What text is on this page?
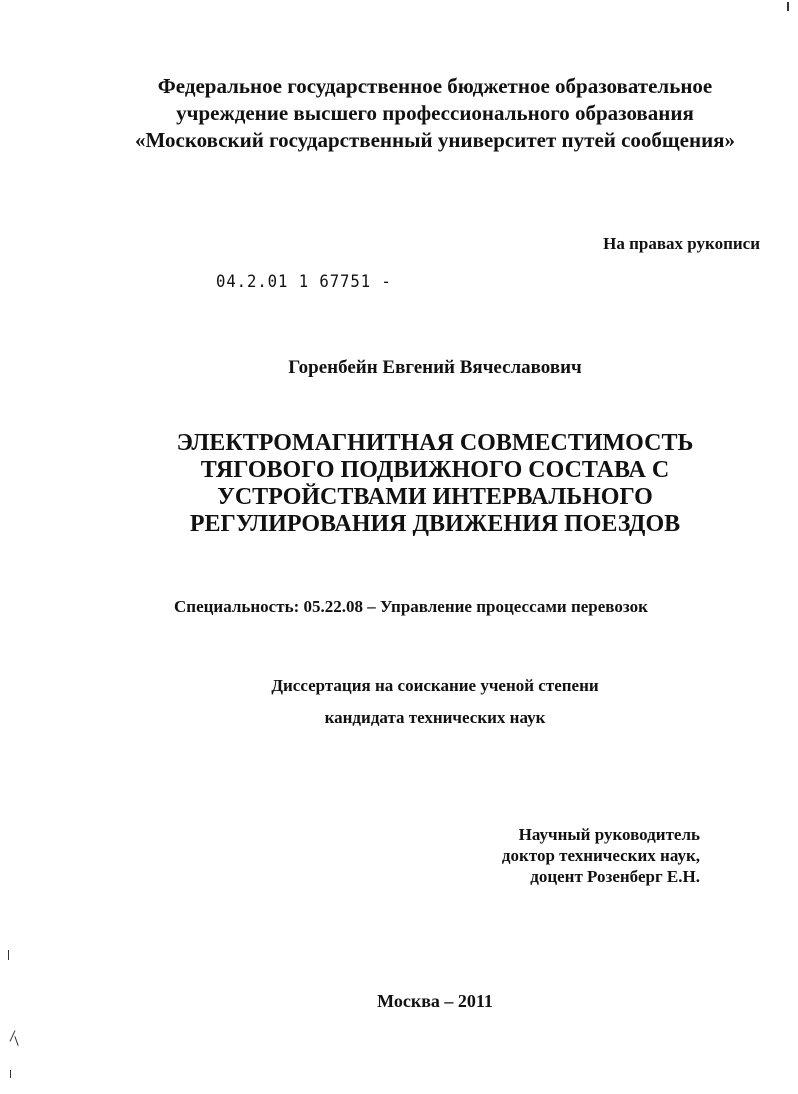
Федеральное государственное бюджетное образовательное
учреждение высшего профессионального образования
«Московский государственный университет путей сообщения»
На правах рукописи
04.2.01 1 67751 -
Горенбейн Евгений Вячеславович
ЭЛЕКТРОМАГНИТНАЯ СОВМЕСТИМОСТЬ
ТЯГОВОГО ПОДВИЖНОГО СОСТАВА С
УСТРОЙСТВАМИ ИНТЕРВАЛЬНОГО
РЕГУЛИРОВАНИЯ ДВИЖЕНИЯ ПОЕЗДОВ
Специальность: 05.22.08 – Управление процессами перевозок
Диссертация на соискание ученой степени
кандидата технических наук
Научный руководитель
доктор технических наук,
доцент Розенберг Е.Н.
Москва – 2011
